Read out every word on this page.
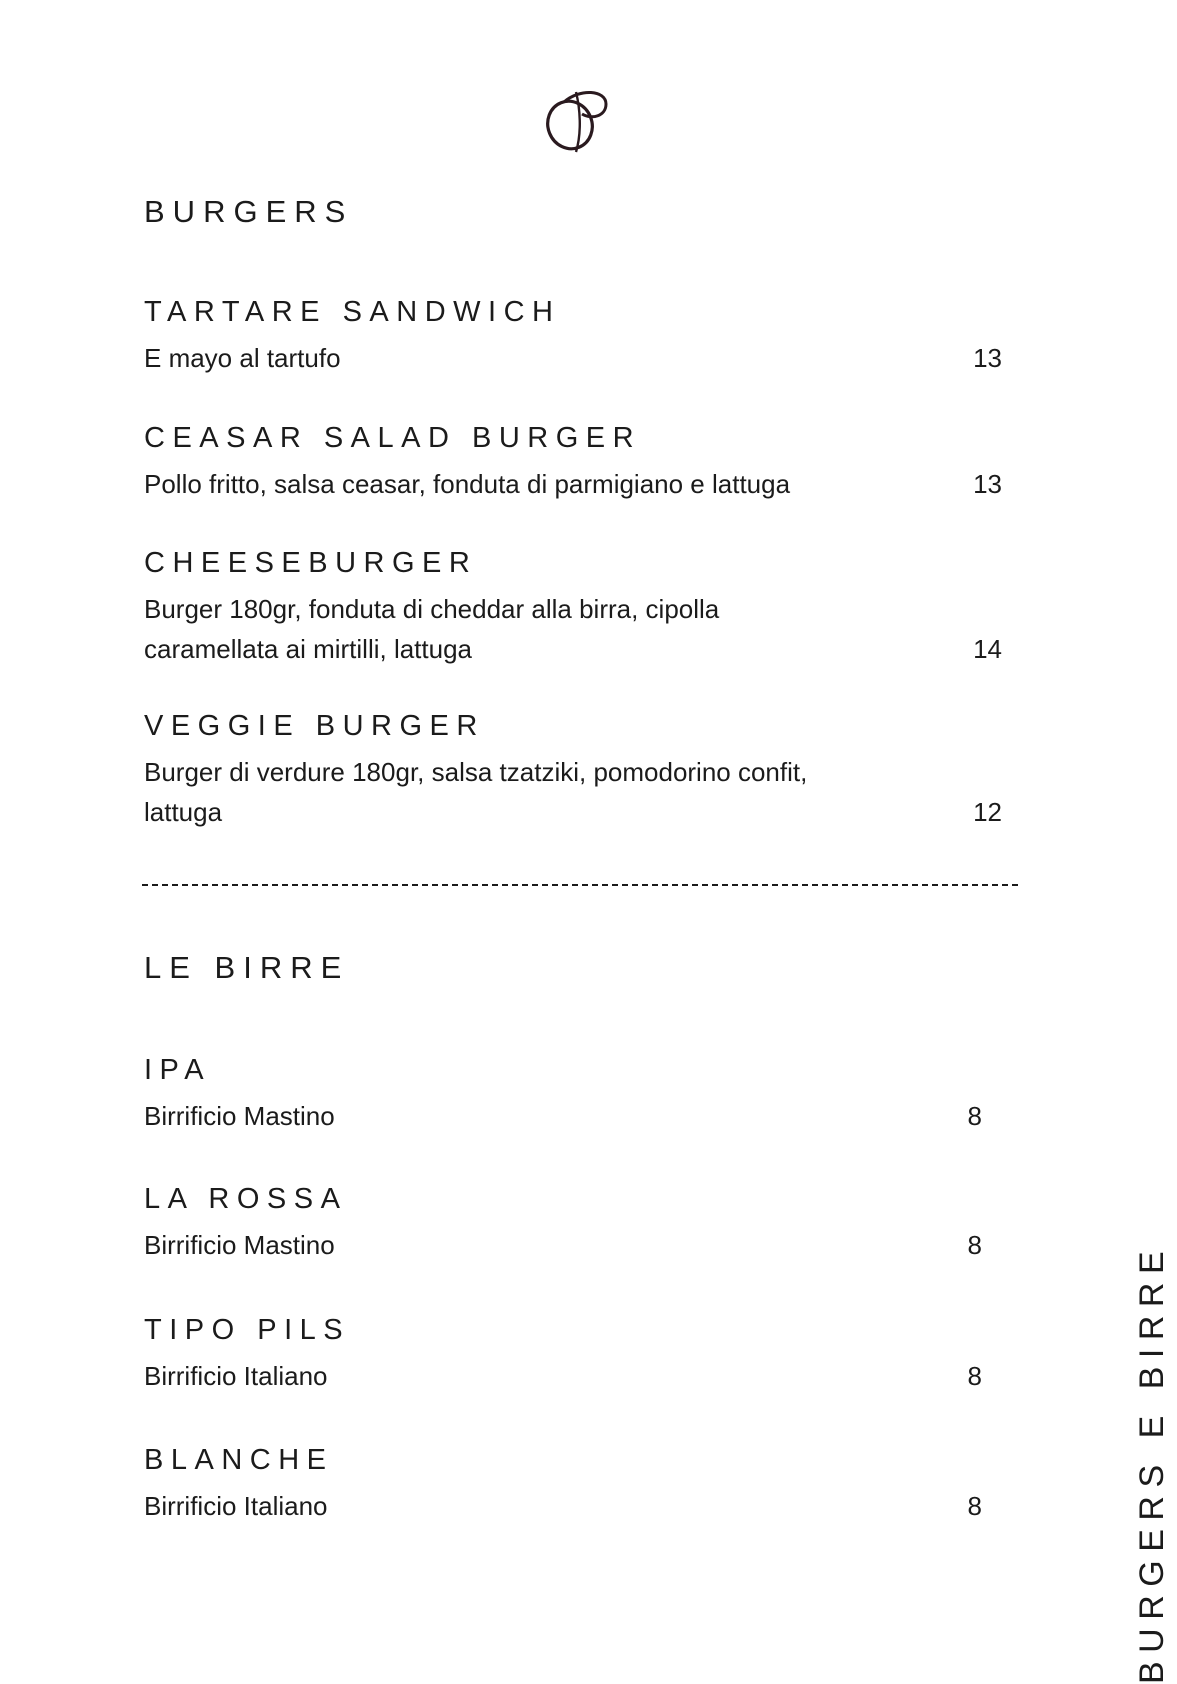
BURGERS

TARTARE SANDWICH

E mayo al tartufo	13

CEASAR SALAD BURGER

Pollo fritto, salsa ceasar, fonduta di parmigiano e lattuga	13

CHEESEBURGER

Burger 180gr, fonduta di cheddar alla birra, cipolla
caramellata ai mirtilli, lattuga	14

VEGGIE BURGER

Burger di verdure 180gr, salsa tzatziki, pomodorino confit,
lattuga	12
LE BIRRE

IPA

Birrificio Mastino	8

LA ROSSA

Birrificio Mastino	8

TIPO PILS

Birrificio Italiano	8

BLANCHE

Birrificio Italiano	8	BURGERS E BIRRE
